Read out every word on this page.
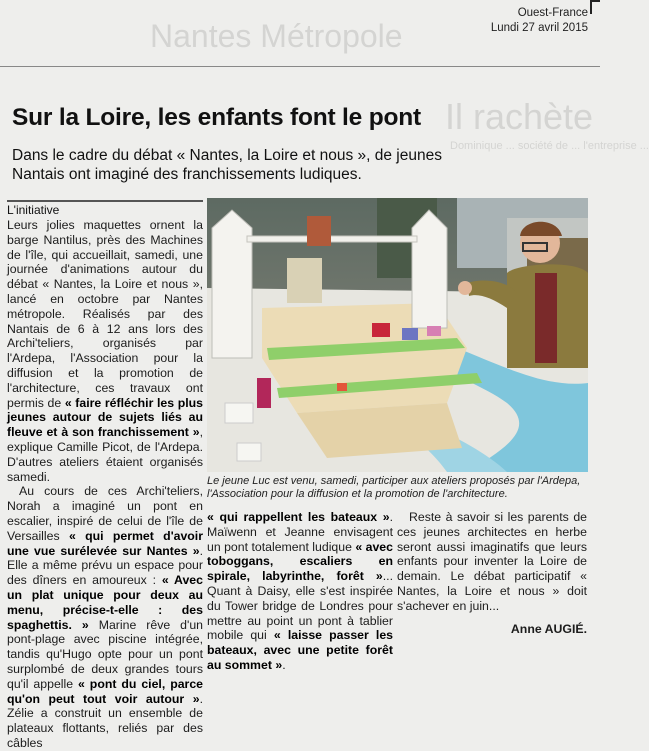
Nantes Métropole
Il rachète
Dominique ... société de ... l'entreprise ...
Ouest-France
Lundi 27 avril 2015
Sur la Loire, les enfants font le pont

Dans le cadre du débat « Nantes, la Loire et nous », de jeunes Nantais ont imaginé des franchissements ludiques.

L'initiative

Leurs jolies maquettes ornent la barge Nantilus, près des Machines de l'île, qui accueillait, samedi, une journée d'animations autour du débat « Nantes, la Loire et nous », lancé en octobre par Nantes métropole. Réalisés par des Nantais de 6 à 12 ans lors des Archi'teliers, organisés par l'Ardepa, l'Association pour la diffusion et la promotion de l'architecture, ces travaux ont permis de « faire réfléchir les plus jeunes autour de sujets liés au fleuve et à son franchissement », explique Camille Picot, de l'Ardepa. D'autres ateliers étaient organisés samedi.

Au cours de ces Archi'teliers, Norah a imaginé un pont en escalier, inspiré de celui de l'île de Versailles « qui permet d'avoir une vue surélevée sur Nantes ». Elle a même prévu un espace pour des dîners en amoureux : « Avec un plat unique pour deux au menu, précise-t-elle : des spaghettis. » Marine rêve d'un pont-plage avec piscine intégrée, tandis qu'Hugo opte pour un pont surplombé de deux grandes tours qu'il appelle « pont du ciel, parce qu'on peut tout voir autour ». Zélie a construit un ensemble de plateaux flottants, reliés par des câbles

« qui rappellent les bateaux ». Maïwenn et Jeanne envisagent un pont totalement ludique « avec toboggans, escaliers en spirale, labyrinthe, forêt »... Quant à Daisy, elle s'est inspirée du Tower bridge de Londres pour mettre au point un pont à tablier mobile qui « laisse passer les bateaux, avec une petite forêt au sommet ».

Reste à savoir si les parents de ces jeunes architectes en herbe seront aussi imaginatifs que leurs enfants pour inventer la Loire de demain. Le débat participatif « Nantes, la Loire et nous » doit s'achever en juin...

Anne AUGIÉ.

Le jeune Luc est venu, samedi, participer aux ateliers proposés par l'Ardepa, l'Association pour la diffusion et la promotion de l'architecture.
